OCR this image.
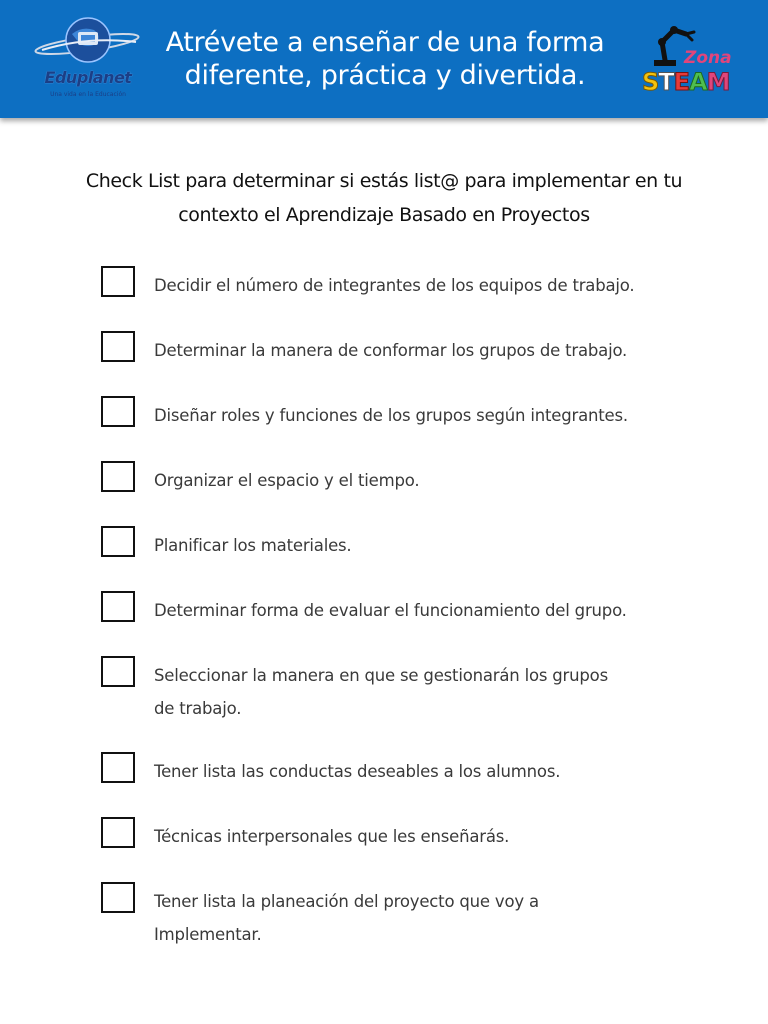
Eduplanet
Una vida en la Educación
Atrévete a enseñar de una forma
diferente, práctica y divertida.
Zona
STEAM
Check List para determinar si estás list@ para implementar en tu
contexto el Aprendizaje Basado en Proyectos
Decidir el número de integrantes de los equipos de trabajo.
Determinar la manera de conformar los grupos de trabajo.
Diseñar roles y funciones de los grupos según integrantes.
Organizar el espacio y el tiempo.
Planificar los materiales.
Determinar forma de evaluar el funcionamiento del grupo.
Seleccionar la manera en que se gestionarán los grupos
de trabajo.
Tener lista las conductas deseables a los alumnos.
Técnicas interpersonales que les enseñarás.
Tener lista la planeación del proyecto que voy a
Implementar.
